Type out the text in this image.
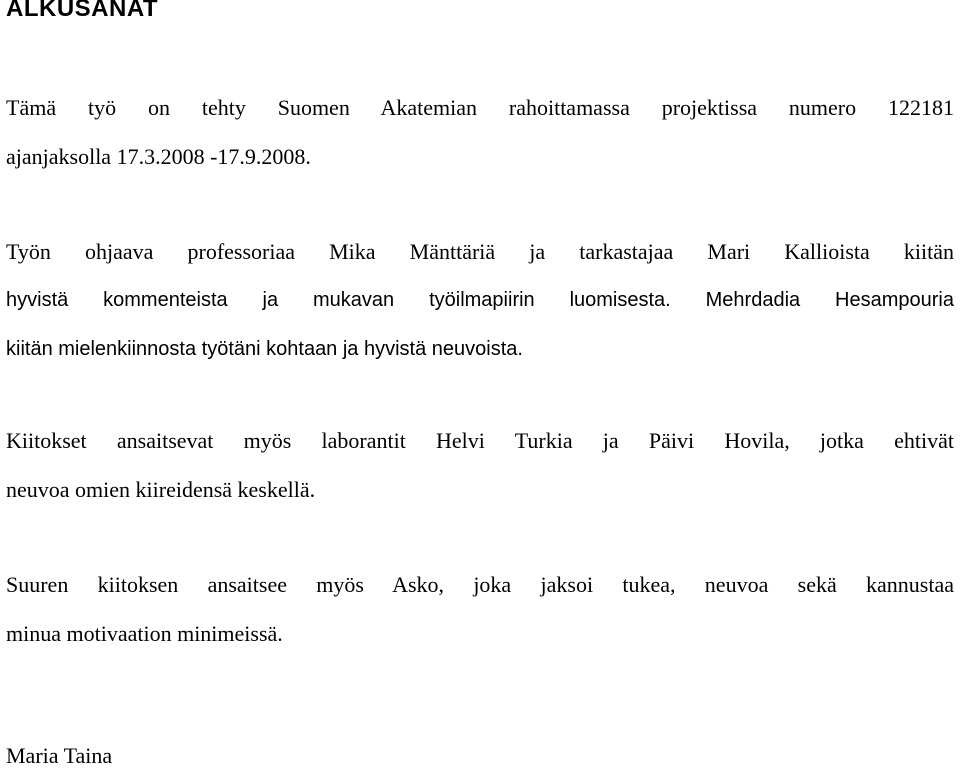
ALKUSANAT

Tämä työ on tehty Suomen Akatemian rahoittamassa projektissa numero 122181
ajanjaksolla 17.3.2008 -17.9.2008.

Työn ohjaava professoriaa Mika Mänttäriä ja tarkastajaa Mari Kallioista kiitän
hyvistä kommenteista ja mukavan työilmapiirin luomisesta. Mehrdadia Hesampouria
kiitän mielenkiinnosta työtäni kohtaan ja hyvistä neuvoista.

Kiitokset ansaitsevat myös laborantit Helvi Turkia ja Päivi Hovila, jotka ehtivät
neuvoa omien kiireidensä keskellä.

Suuren kiitoksen ansaitsee myös Asko, joka jaksoi tukea, neuvoa sekä kannustaa
minua motivaation minimeissä.

Maria Taina
